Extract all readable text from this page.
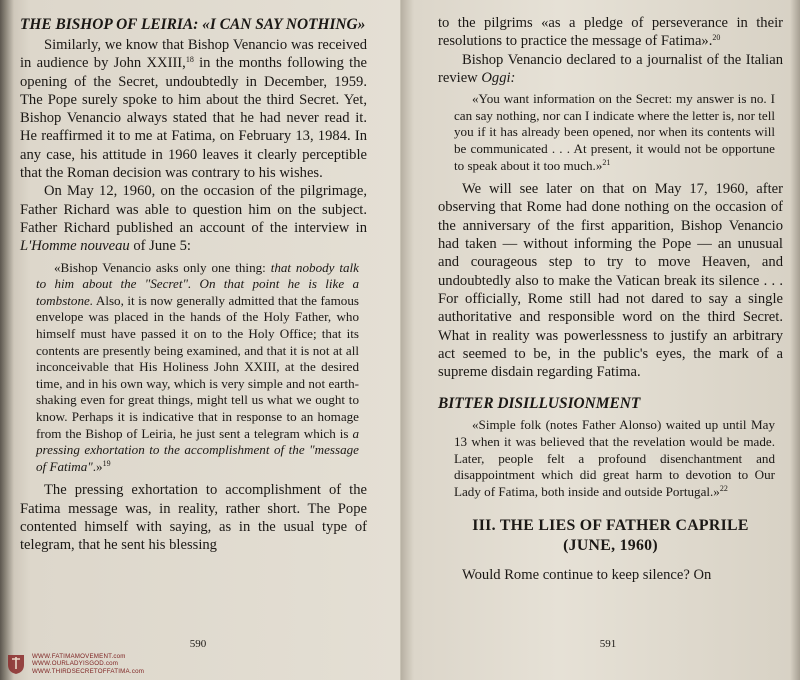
THE BISHOP OF LEIRIA: «I CAN SAY NOTHING»

Similarly, we know that Bishop Venancio was received in audience by John XXIII,$^{18}$ in the months following the opening of the Secret, undoubtedly in December, 1959. The Pope surely spoke to him about the third Secret. Yet, Bishop Venancio always stated that he had never read it. He reaffirmed it to me at Fatima, on February 13, 1984. In any case, his attitude in 1960 leaves it clearly perceptible that the Roman decision was contrary to his wishes.

On May 12, 1960, on the occasion of the pilgrimage, Father Richard was able to question him on the subject. Father Richard published an account of the interview in L'Homme nouveau of June 5:

«Bishop Venancio asks only one thing: that nobody talk to him about the "Secret". On that point he is like a tombstone. Also, it is now generally admitted that the famous envelope was placed in the hands of the Holy Father, who himself must have passed it on to the Holy Office; that its contents are presently being examined, and that it is not at all inconceivable that His Holiness John XXIII, at the desired time, and in his own way, which is very simple and not earth-shaking even for great things, might tell us what we ought to know. Perhaps it is indicative that in response to an homage from the Bishop of Leiria, he just sent a telegram which is a pressing exhortation to the accomplishment of the "message of Fatima".»$^{19}$

The pressing exhortation to accomplishment of the Fatima message was, in reality, rather short. The Pope contented himself with saying, as in the usual type of telegram, that he sent his blessing

590
WWW.FATIMAMOVEMENT.com
WWW.OURLADYISGOD.com
WWW.THIRDSECRETOFFATIMA.com

to the pilgrims «as a pledge of perseverance in their resolutions to practice the message of Fatima».$^{20}$

Bishop Venancio declared to a journalist of the Italian review Oggi:

«You want information on the Secret: my answer is no. I can say nothing, nor can I indicate where the letter is, nor tell you if it has already been opened, nor when its contents will be communicated . . . At present, it would not be opportune to speak about it too much.»$^{21}$

We will see later on that on May 17, 1960, after observing that Rome had done nothing on the occasion of the anniversary of the first apparition, Bishop Venancio had taken — without informing the Pope — an unusual and courageous step to try to move Heaven, and undoubtedly also to make the Vatican break its silence . . . For officially, Rome still had not dared to say a single authoritative and responsible word on the third Secret. What in reality was powerlessness to justify an arbitrary act seemed to be, in the public's eyes, the mark of a supreme disdain regarding Fatima.

BITTER DISILLUSIONMENT

«Simple folk (notes Father Alonso) waited up until May 13 when it was believed that the revelation would be made. Later, people felt a profound disenchantment and disappointment which did great harm to devotion to Our Lady of Fatima, both inside and outside Portugal.»$^{22}$

III. THE LIES OF FATHER CAPRILE
(JUNE, 1960)

Would Rome continue to keep silence? On

591
